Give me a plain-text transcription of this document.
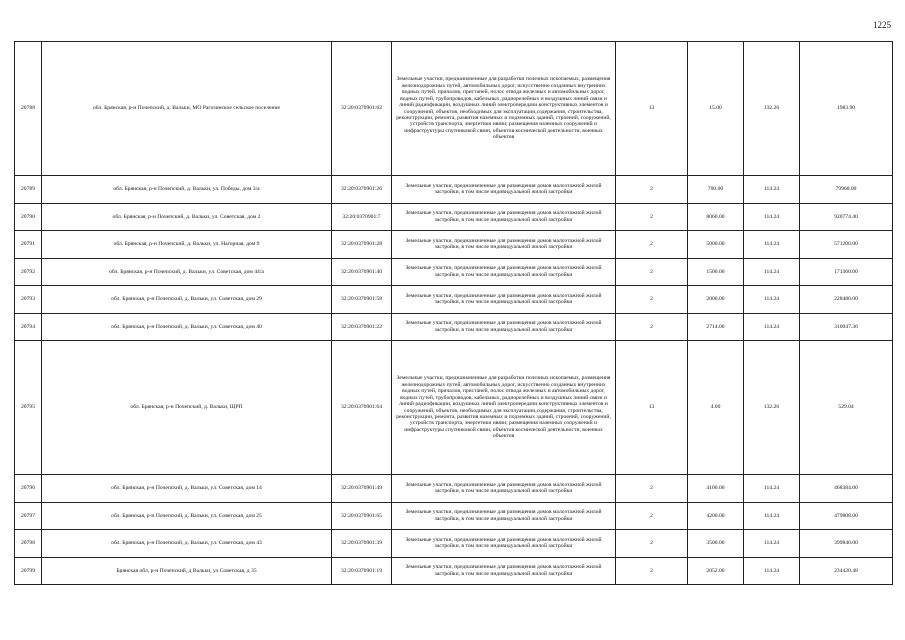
1225
20788	обл. Брянская, р-н Почепский, д. Вальки, МО Рагозинское сельское поселение	32:20:0370901:62	Земельные участки, предназначенные для разработки полезных ископаемых, размещения железнодорожных путей, автомобильных дорог, искусственно созданных внутренних водных путей, причалов, пристаней, полос отвода железных и автомобильных дорог, водных путей, трубопроводов, кабельных, радиорелейных и воздушных линий связи и линий радиофикации, воздушных линий электропередачи конструктивных элементов и сооружений, объектов, необходимых для эксплуатации,содержания, строительства, реконструкции, ремонта, развития наземных и подземных зданий, строений, сооружений, устройств транспорта, энергетики ивязи; размещения наземных сооружений и инфраструктуры спутниковой связи, объектов космической деятельности, военных объектов	13	15.00	132.26	1983.90
20789	обл. Брянская, р-н Почепский, д. Вальки, ул. Победы, дом 3/а	32:20:0370901:26	Земельные участки, предназначенные для размещения домов малоэтажной жилой застройки, в том числе индивидуальной жилой застройки	2	700.00	114.24	79968.00
20790	обл. Брянская, р-н Почепский, д. Вальки, ул. Советская, дом 2	32:20:0370901:7	Земельные участки, предназначенные для размещения домов малоэтажной жилой застройки, в том числе индивидуальной жилой застройки	2	8060.00	114.24	920774.40
20791	обл. Брянская, р-н Почепский, д. Вальки, ул. Нагорная, дом 9	32:20:0370901:28	Земельные участки, предназначенные для размещения домов малоэтажной жилой застройки, в том числе индивидуальной жилой застройки	2	5000.00	114.24	571200.00
20792	обл. Брянская, р-н Почепский, д. Вальки, ул. Советская, дом 44/а	32:20:0370901:40	Земельные участки, предназначенные для размещения домов малоэтажной жилой застройки, в том числе индивидуальной жилой застройки	2	1500.00	114.24	171360.00
20793	обл. Брянская, р-н Почепский, д. Вальки, ул. Советская, дом 29	32:20:0370901:58	Земельные участки, предназначенные для размещения домов малоэтажной жилой застройки, в том числе индивидуальной жилой застройки	2	2000.00	114.24	228480.00
20794	обл. Брянская, р-н Почепский, д. Вальки, ул. Советская, дом 40	32:20:0370901:22	Земельные участки, предназначенные для размещения домов малоэтажной жилой застройки, в том числе индивидуальной жилой застройки	2	2714.00	114.24	310047.36
20795	обл. Брянская, р-н Почепский, д. Вальки, ЩРП	32:20:0370901:64	Земельные участки, предназначенные для разработки полезных ископаемых, размещения железнодорожных путей, автомобильных дорог, искусственно созданных внутренних водных путей, причалов, пристаней, полос отвода железных и автомобильных дорог, водных путей, трубопроводов, кабельных, радиорелейных и воздушных линий связи и линий радиофикации, воздушных линий электропередачи конструктивных элементов и сооружений, объектов, необходимых для эксплуатации,содержания, строительства, реконструкции, ремонта, развития наземных и подземных зданий, строений, сооружений, устройств транспорта, энергетики ивязи; размещения наземных сооружений и инфраструктуры спутниковой связи, объектов космической деятельности, военных объектов	13	4.00	132.26	529.04
20796	обл. Брянская, р-н Почепский, д. Вальки, ул. Советская, дом 14	32:20:0370901:49	Земельные участки, предназначенные для размещения домов малоэтажной жилой застройки, в том числе индивидуальной жилой застройки	2	4100.00	114.24	468384.00
20797	обл. Брянская, р-н Почепский, д. Вальки, ул. Советская, дом 25	32:20:0370901:65	Земельные участки, предназначенные для размещения домов малоэтажной жилой застройки, в том числе индивидуальной жилой застройки	2	4200.00	114.24	479808.00
20798	обл. Брянская, р-н Почепский, д. Вальки, ул. Советская, дом 43	32:20:0370901:39	Земельные участки, предназначенные для размещения домов малоэтажной жилой застройки, в том числе индивидуальной жилой застройки	2	3500.00	114.24	399840.00
20799	Брянская обл, р-н Почепский, д Вальки, ул Советская, д 35	32:20:0370901:19	Земельные участки, предназначенные для размещения домов малоэтажной жилой застройки, в том числе индивидуальной жилой застройки	2	2052.00	114.24	234420.48
